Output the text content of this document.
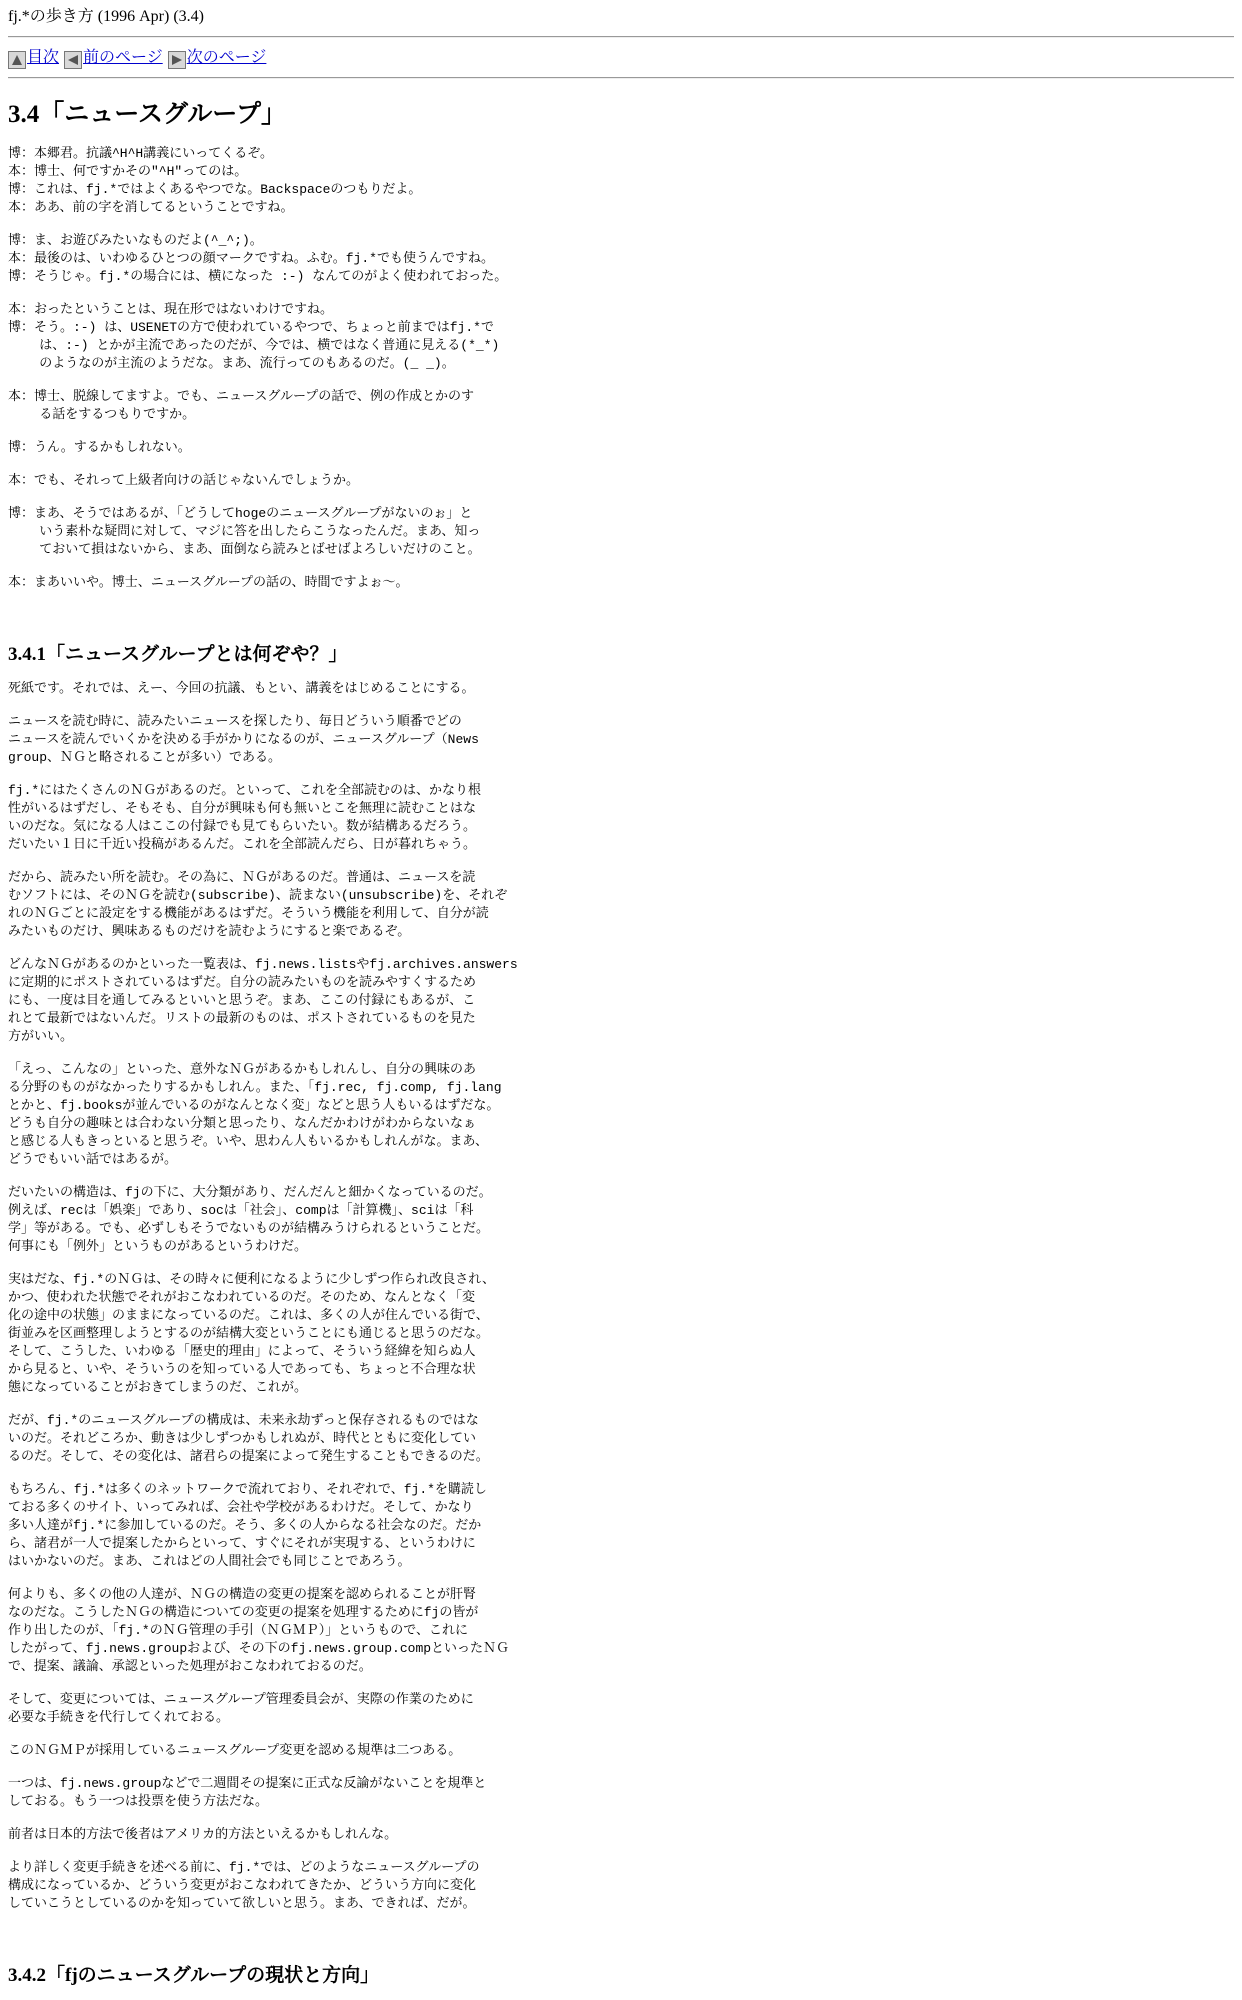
fj.*の歩き方 (1996 Apr) (3.4)
目次 前のページ 次のページ
3.4「ニュースグループ」
博：本郷君。抗議^H^H講義にいってくるぞ。
本：博士、何ですかその"^H"ってのは。
博：これは、fj.*ではよくあるやつでな。Backspaceのつもりだよ。
本：ああ、前の字を消してるということですね。
博：ま、お遊びみたいなものだよ(^_^;)。
本：最後のは、いわゆるひとつの顔マークですね。ふむ。fj.*でも使うんですね。
博：そうじゃ。fj.*の場合には、横になった :-) なんてのがよく使われておった。
本：おったということは、現在形ではないわけですね。
博：そう。:-) は、USENETの方で使われているやつで、ちょっと前まではfj.*で
は、:-) とかが主流であったのだが、今では、横ではなく普通に見える(*_*)
のようなのが主流のようだな。まあ、流行ってのもあるのだ。(_ _)。
本：博士、脱線してますよ。でも、ニュースグループの話で、例の作成とかのす
る話をするつもりですか。
博：うん。するかもしれない。
本：でも、それって上級者向けの話じゃないんでしょうか。
博：まあ、そうではあるが、「どうしてhogeのニュースグループがないのぉ」と
いう素朴な疑問に対して、マジに答を出したらこうなったんだ。まあ、知っ
ておいて損はないから、まあ、面倒なら読みとばせばよろしいだけのこと。
本：まあいいや。博士、ニュースグループの話の、時間ですよぉ～。
3.4.1「ニュースグループとは何ぞや？」
死紙です。それでは、えー、今回の抗議、もとい、講義をはじめることにする。
ニュースを読む時に、読みたいニュースを探したり、毎日どういう順番でどの
ニュースを読んでいくかを決める手がかりになるのが、ニュースグループ（News
group、ＮＧと略されることが多い）である。
fj.*にはたくさんのＮＧがあるのだ。といって、これを全部読むのは、かなり根
性がいるはずだし、そもそも、自分が興味も何も無いとこを無理に読むことはな
いのだな。気になる人はここの付録でも見てもらいたい。数が結構あるだろう。
だいたい１日に千近い投稿があるんだ。これを全部読んだら、日が暮れちゃう。
だから、読みたい所を読む。その為に、ＮＧがあるのだ。普通は、ニュースを読
むソフトには、そのＮＧを読む(subscribe)、読まない(unsubscribe)を、それぞ
れのＮＧごとに設定をする機能があるはずだ。そういう機能を利用して、自分が読
みたいものだけ、興味あるものだけを読むようにすると楽であるぞ。
どんなＮＧがあるのかといった一覧表は、fj.news.listsやfj.archives.answers
に定期的にポストされているはずだ。自分の読みたいものを読みやすくするため
にも、一度は目を通してみるといいと思うぞ。まあ、ここの付録にもあるが、こ
れとて最新ではないんだ。リストの最新のものは、ポストされているものを見た
方がいい。
「えっ、こんなの」といった、意外なＮＧがあるかもしれんし、自分の興味のあ
る分野のものがなかったりするかもしれん。また、「fj.rec, fj.comp, fj.lang
とかと、fj.booksが並んでいるのがなんとなく変」などと思う人もいるはずだな。
どうも自分の趣味とは合わない分類と思ったり、なんだかわけがわからないなぁ
と感じる人もきっといると思うぞ。いや、思わん人もいるかもしれんがな。まあ、
どうでもいい話ではあるが。
だいたいの構造は、fjの下に、大分類があり、だんだんと細かくなっているのだ。
例えば、recは「娯楽」であり、socは「社会」、compは「計算機」、sciは「科
学」等がある。でも、必ずしもそうでないものが結構みうけられるということだ。
何事にも「例外」というものがあるというわけだ。
実はだな、fj.*のＮＧは、その時々に便利になるように少しずつ作られ改良され、
かつ、使われた状態でそれがおこなわれているのだ。そのため、なんとなく「変
化の途中の状態」のままになっているのだ。これは、多くの人が住んでいる街で、
街並みを区画整理しようとするのが結構大変ということにも通じると思うのだな。
そして、こうした、いわゆる「歴史的理由」によって、そういう経緯を知らぬ人
から見ると、いや、そういうのを知っている人であっても、ちょっと不合理な状
態になっていることがおきてしまうのだ、これが。
だが、fj.*のニュースグループの構成は、未来永劫ずっと保存されるものではな
いのだ。それどころか、動きは少しずつかもしれぬが、時代とともに変化してい
るのだ。そして、その変化は、諸君らの提案によって発生することもできるのだ。
もちろん、fj.*は多くのネットワークで流れており、それぞれで、fj.*を購読し
ておる多くのサイト、いってみれば、会社や学校があるわけだ。そして、かなり
多い人達がfj.*に参加しているのだ。そう、多くの人からなる社会なのだ。だか
ら、諸君が一人で提案したからといって、すぐにそれが実現する、というわけに
はいかないのだ。まあ、これはどの人間社会でも同じことであろう。
何よりも、多くの他の人達が、ＮＧの構造の変更の提案を認められることが肝腎
なのだな。こうしたＮＧの構造についての変更の提案を処理するためにfjの皆が
作り出したのが、「fj.*のＮＧ管理の手引（ＮＧＭＰ）」というもので、これに
したがって、fj.news.groupおよび、その下のfj.news.group.compといったＮＧ
で、提案、議論、承認といった処理がおこなわれておるのだ。
そして、変更については、ニュースグループ管理委員会が、実際の作業のために
必要な手続きを代行してくれておる。
このＮＧＭＰが採用しているニュースグループ変更を認める規準は二つある。
一つは、fj.news.groupなどで二週間その提案に正式な反論がないことを規準と
しておる。もう一つは投票を使う方法だな。
前者は日本的方法で後者はアメリカ的方法といえるかもしれんな。
より詳しく変更手続きを述べる前に、fj.*では、どのようなニュースグループの
構成になっているか、どういう変更がおこなわれてきたか、どういう方向に変化
していこうとしているのかを知っていて欲しいと思う。まあ、できれば、だが。
3.4.2「fjのニュースグループの現状と方向」
